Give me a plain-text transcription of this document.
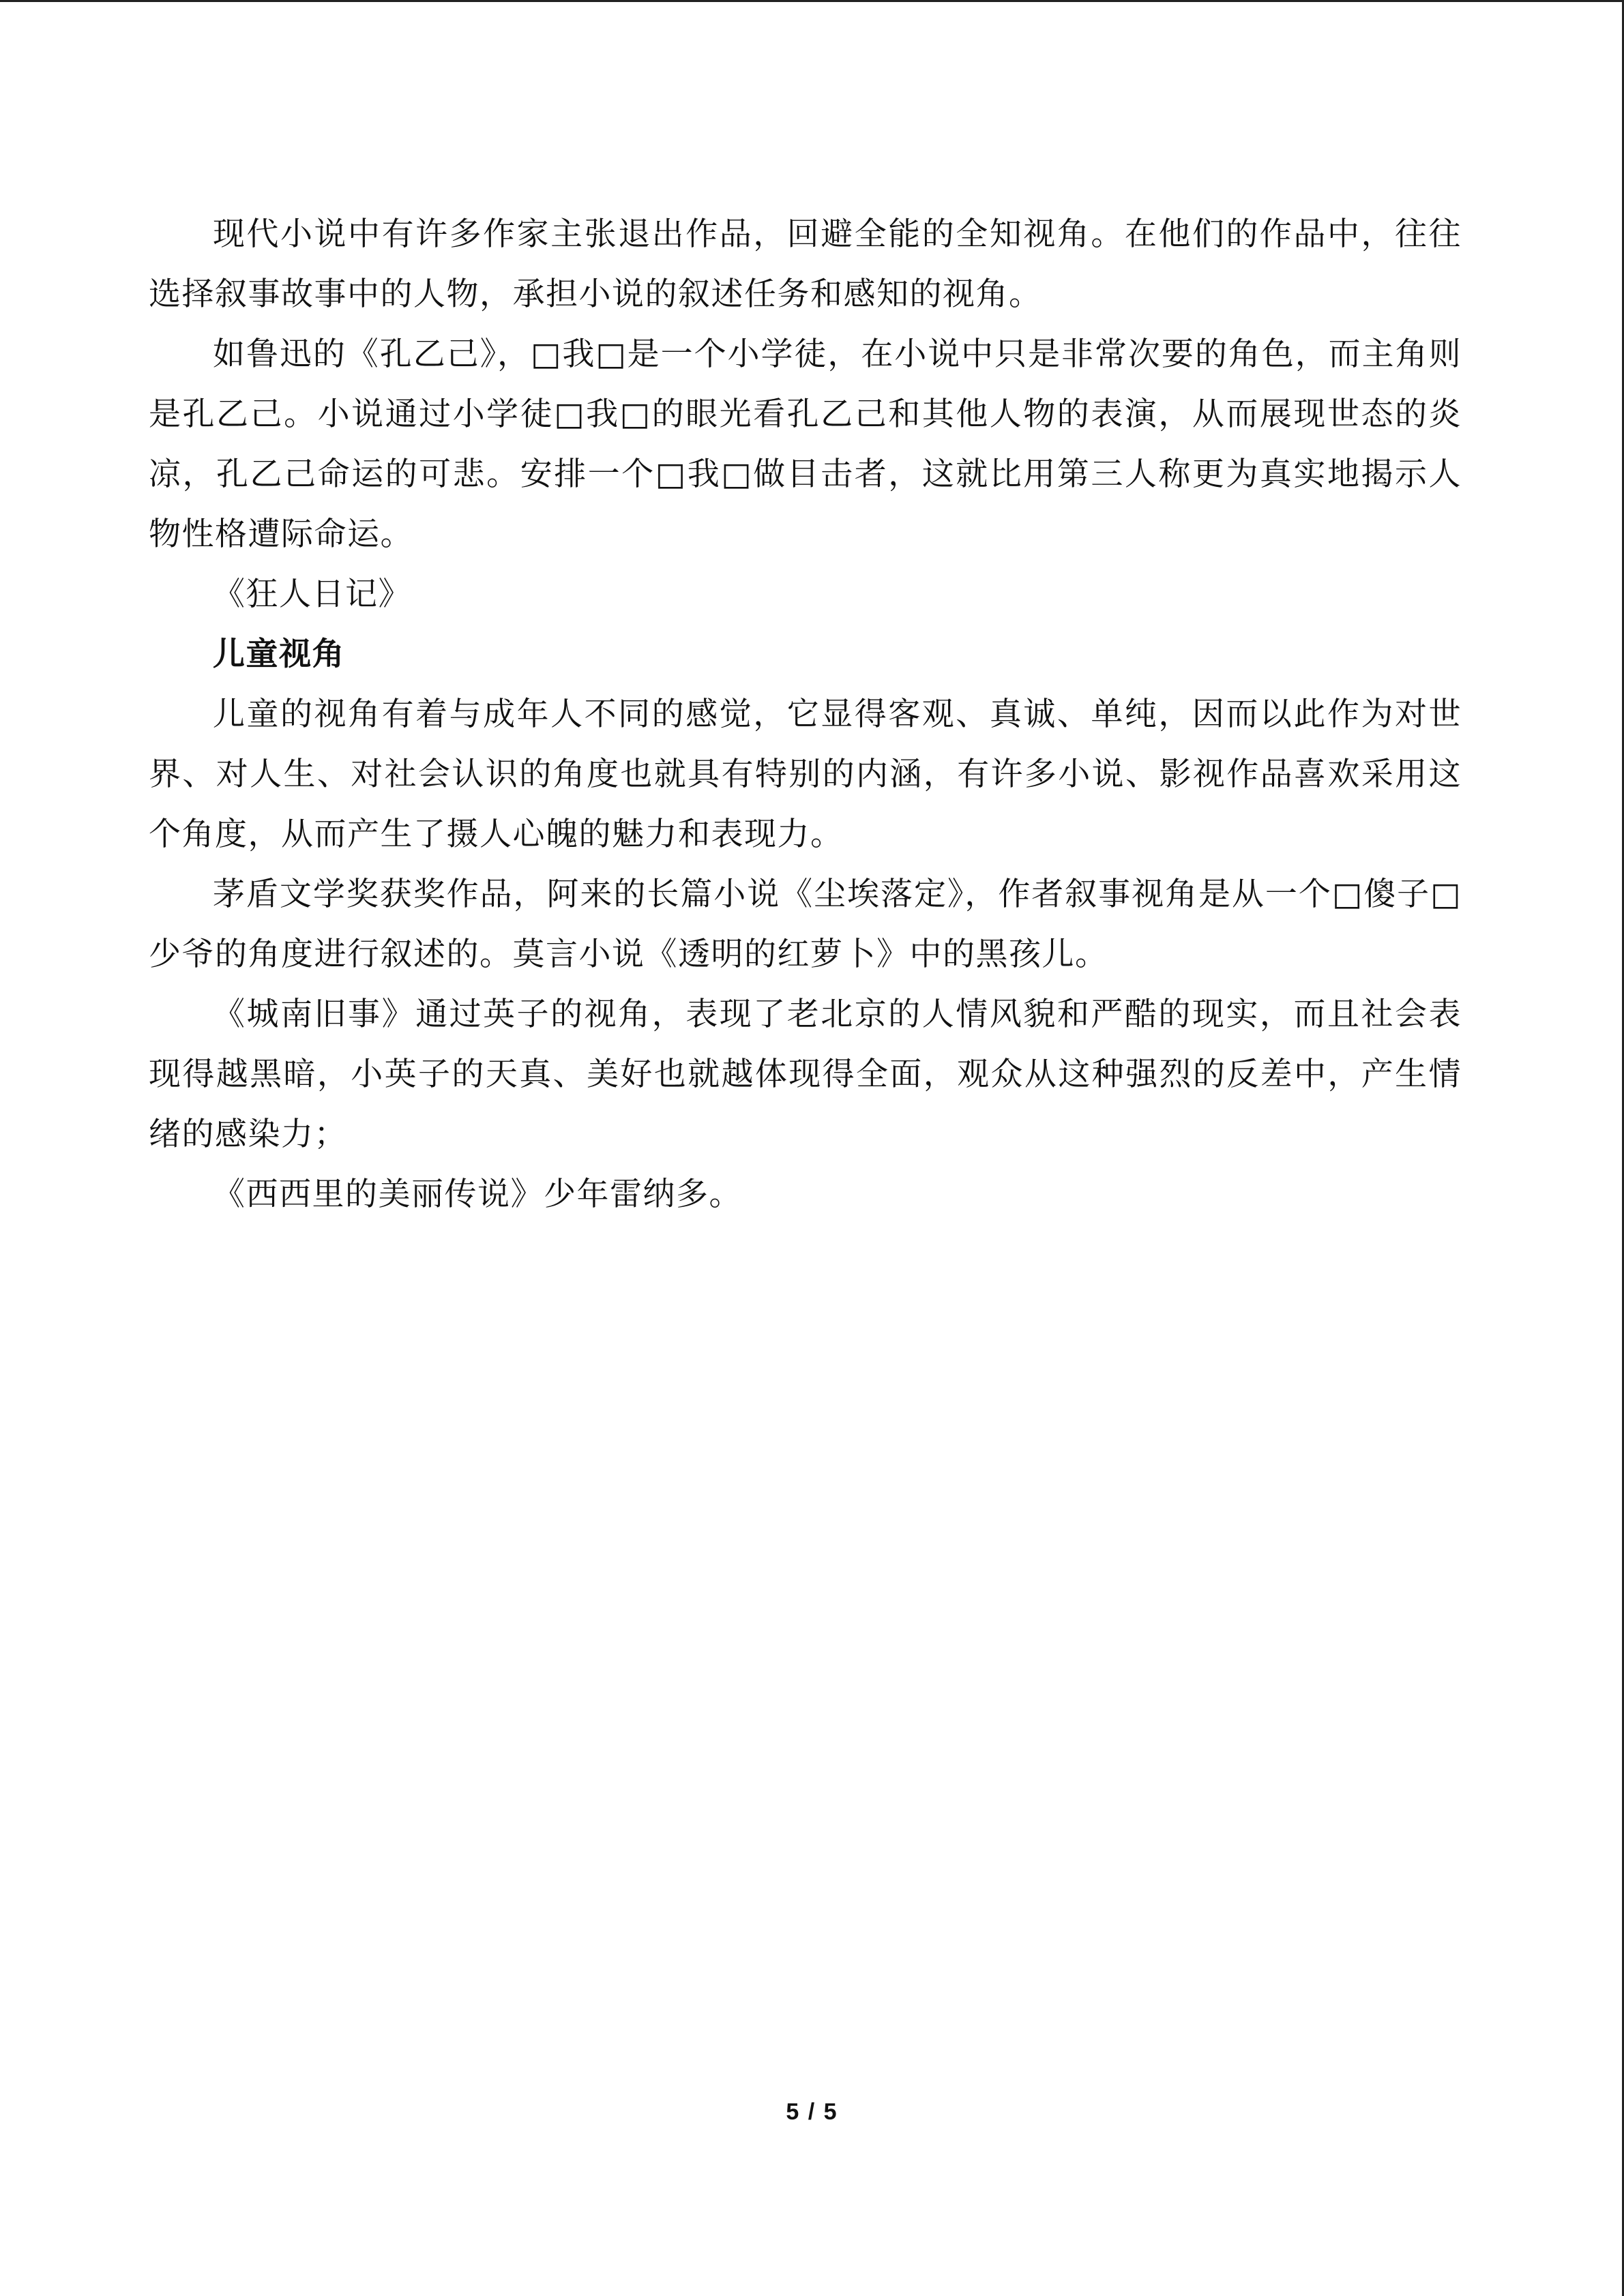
现代小说中有许多作家主张退出作品，回避全能的全知视角。在他们的作品中，往往选择叙事故事中的人物，承担小说的叙述任务和感知的视角。

如鲁迅的《孔乙己》，□我□是一个小学徒，在小说中只是非常次要的角色，而主角则是孔乙己。小说通过小学徒□我□的眼光看孔乙己和其他人物的表演，从而展现世态的炎凉，孔乙己命运的可悲。安排一个□我□做目击者，这就比用第三人称更为真实地揭示人物性格遭际命运。

《狂人日记》

儿童视角

儿童的视角有着与成年人不同的感觉，它显得客观、真诚、单纯，因而以此作为对世界、对人生、对社会认识的角度也就具有特别的内涵，有许多小说、影视作品喜欢采用这个角度，从而产生了摄人心魄的魅力和表现力。

茅盾文学奖获奖作品，阿来的长篇小说《尘埃落定》，作者叙事视角是从一个□傻子□少爷的角度进行叙述的。莫言小说《透明的红萝卜》中的黑孩儿。

《城南旧事》通过英子的视角，表现了老北京的人情风貌和严酷的现实，而且社会表现得越黑暗，小英子的天真、美好也就越体现得全面，观众从这种强烈的反差中，产生情绪的感染力；

《西西里的美丽传说》少年雷纳多。

5 / 5
